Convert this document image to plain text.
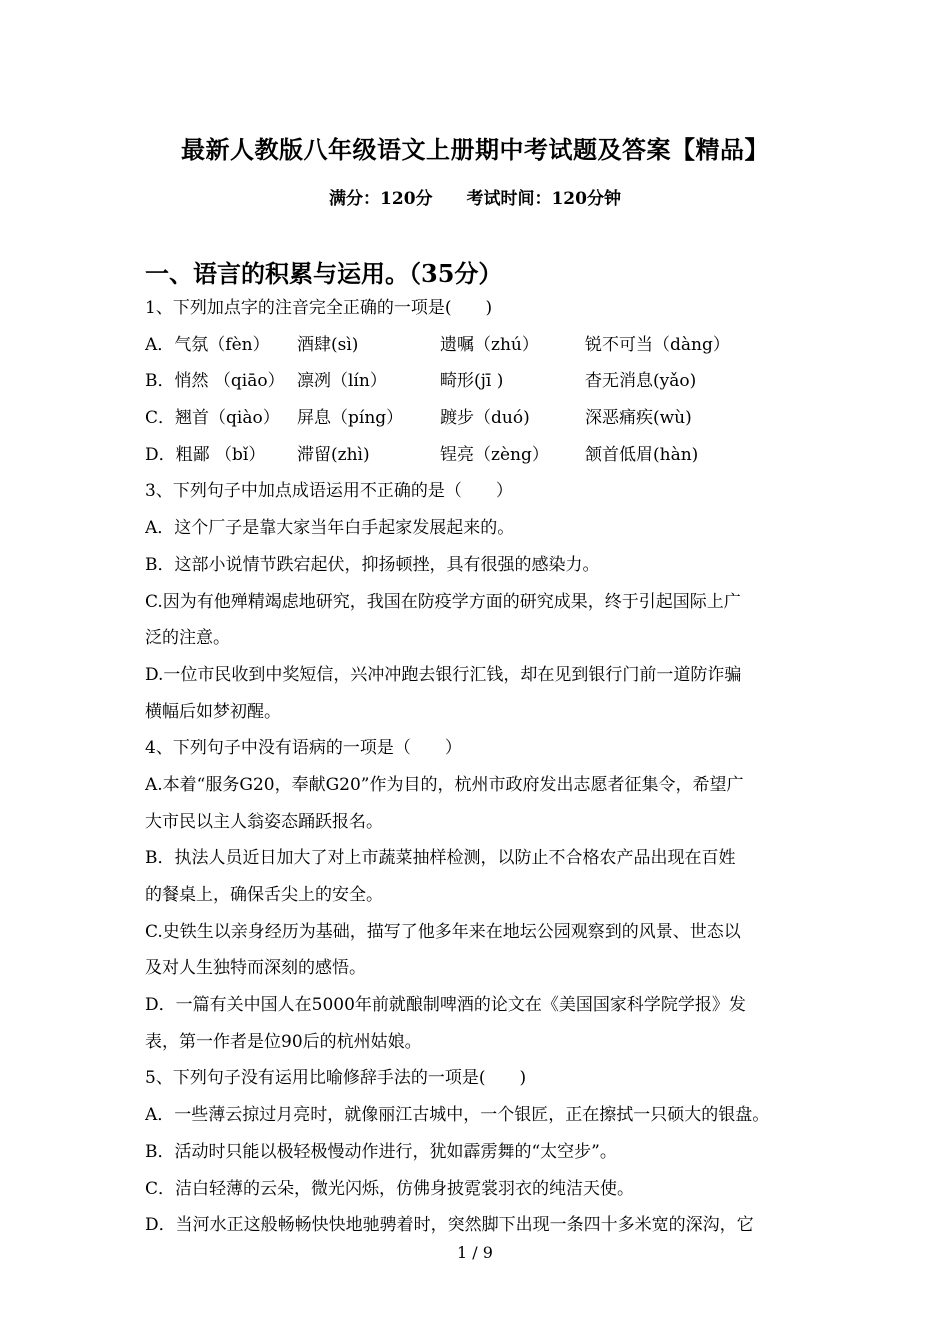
最新人教版八年级语文上册期中考试题及答案【精品】
满分：120分 考试时间：120分钟
一、语言的积累与运用。（35分）
1、下列加点字的注音完全正确的一项是(　　)
A．气氛（fèn）	酒肆(sì)	遗嘱（zhú）	锐不可当（dàng）
B．悄然 （qiāo） 凛冽（lín）	畸形(jī )	杳无消息(yǎo)
C．翘首（qiào）	屏息（píng）	踱步（duó)	深恶痛疾(wù)
D．粗鄙 （bǐ）	滞留(zhì)	锃亮（zèng）	颔首低眉(hàn)
3、下列句子中加点成语运用不正确的是（　　）
A．这个厂子是靠大家当年白手起家发展起来的。
B．这部小说情节跌宕起伏，抑扬顿挫，具有很强的感染力。
C.因为有他殚精竭虑地研究，我国在防疫学方面的研究成果，终于引起国际上广
泛的注意。
D.一位市民收到中奖短信，兴冲冲跑去银行汇钱，却在见到银行门前一道防诈骗
横幅后如梦初醒。
4、下列句子中没有语病的一项是（　　）
A.本着“服务G20，奉献G20”作为目的，杭州市政府发出志愿者征集令，希望广
大市民以主人翁姿态踊跃报名。
B．执法人员近日加大了对上市蔬菜抽样检测，以防止不合格农产品出现在百姓
的餐桌上，确保舌尖上的安全。
C.史铁生以亲身经历为基础，描写了他多年来在地坛公园观察到的风景、世态以
及对人生独特而深刻的感悟。
D．一篇有关中国人在5000年前就酿制啤酒的论文在《美国国家科学院学报》发
表，第一作者是位90后的杭州姑娘。
5、下列句子没有运用比喻修辞手法的一项是(　　)
A．一些薄云掠过月亮时，就像丽江古城中，一个银匠，正在擦拭一只硕大的银盘。
B．活动时只能以极轻极慢动作进行，犹如霹雳舞的“太空步”。
C．洁白轻薄的云朵，微光闪烁，仿佛身披霓裳羽衣的纯洁天使。
D．当河水正这般畅畅快快地驰骋着时，突然脚下出现一条四十多米宽的深沟，它
1 / 9
